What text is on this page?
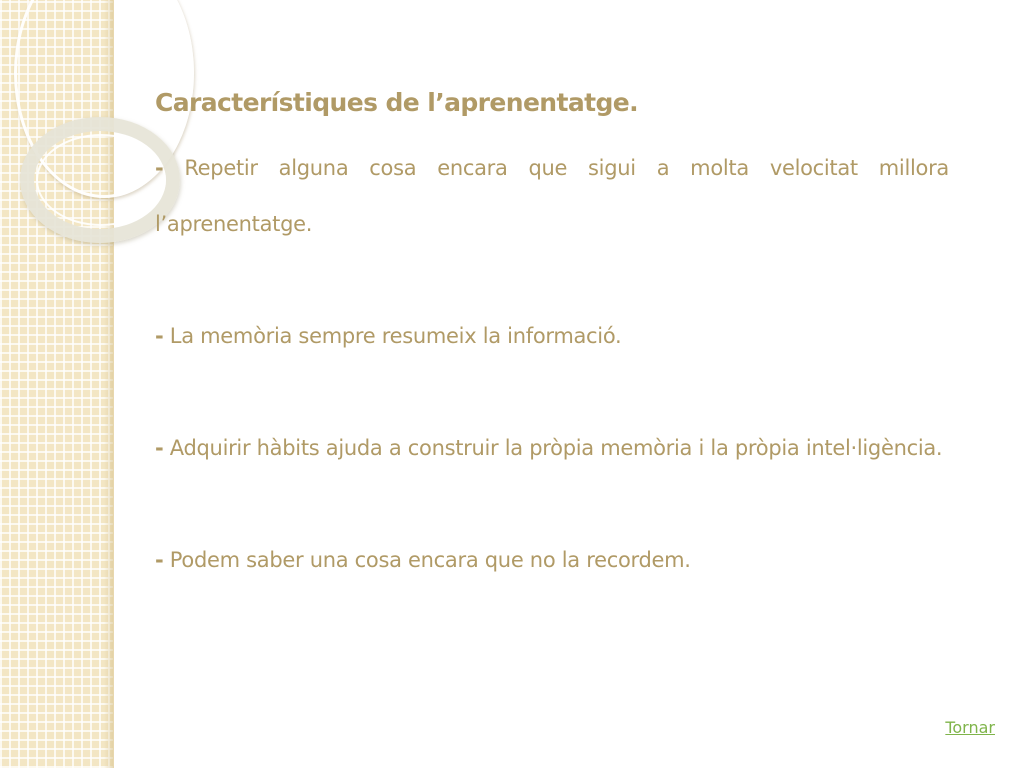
Característiques de l’aprenentatge.

- Repetir alguna cosa encara que sigui a molta velocitat millora l’aprenentatge.

- La memòria sempre resumeix la informació.

- Adquirir hàbits ajuda a construir la pròpia memòria i la pròpia intel·ligència.

- Podem saber una cosa encara que no la recordem.

Tornar
